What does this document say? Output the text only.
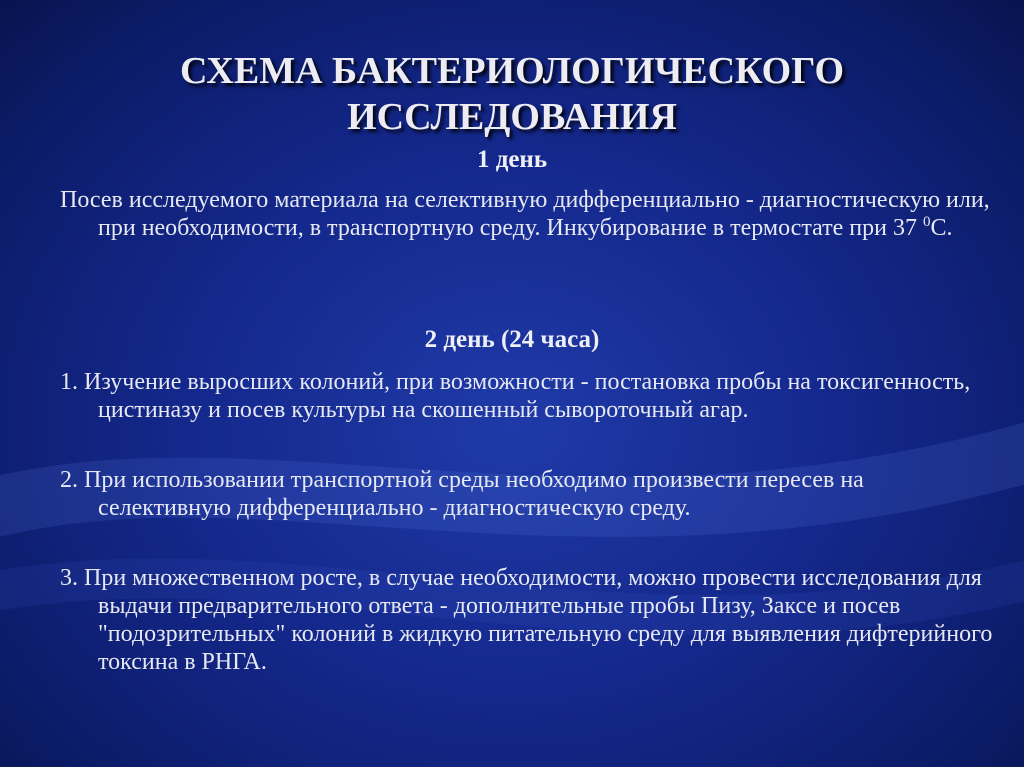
СХЕМА БАКТЕРИОЛОГИЧЕСКОГО
ИССЛЕДОВАНИЯ
1 день
Посев исследуемого материала на селективную дифференциально - диагностическую или, при необходимости, в транспортную среду. Инкубирование в термостате при 37 $^0$С.
2 день (24 часа)
1. Изучение выросших колоний, при возможности - постановка пробы на токсигенность, цистиназу и посев культуры на скошенный сывороточный агар.
2. При использовании транспортной среды необходимо произвести пересев на селективную дифференциально - диагностическую среду.
3. При множественном росте, в случае необходимости, можно провести исследования для выдачи предварительного ответа - дополнительные пробы Пизу, Заксе и посев "подозрительных" колоний в жидкую питательную среду для выявления дифтерийного токсина в РНГА.
